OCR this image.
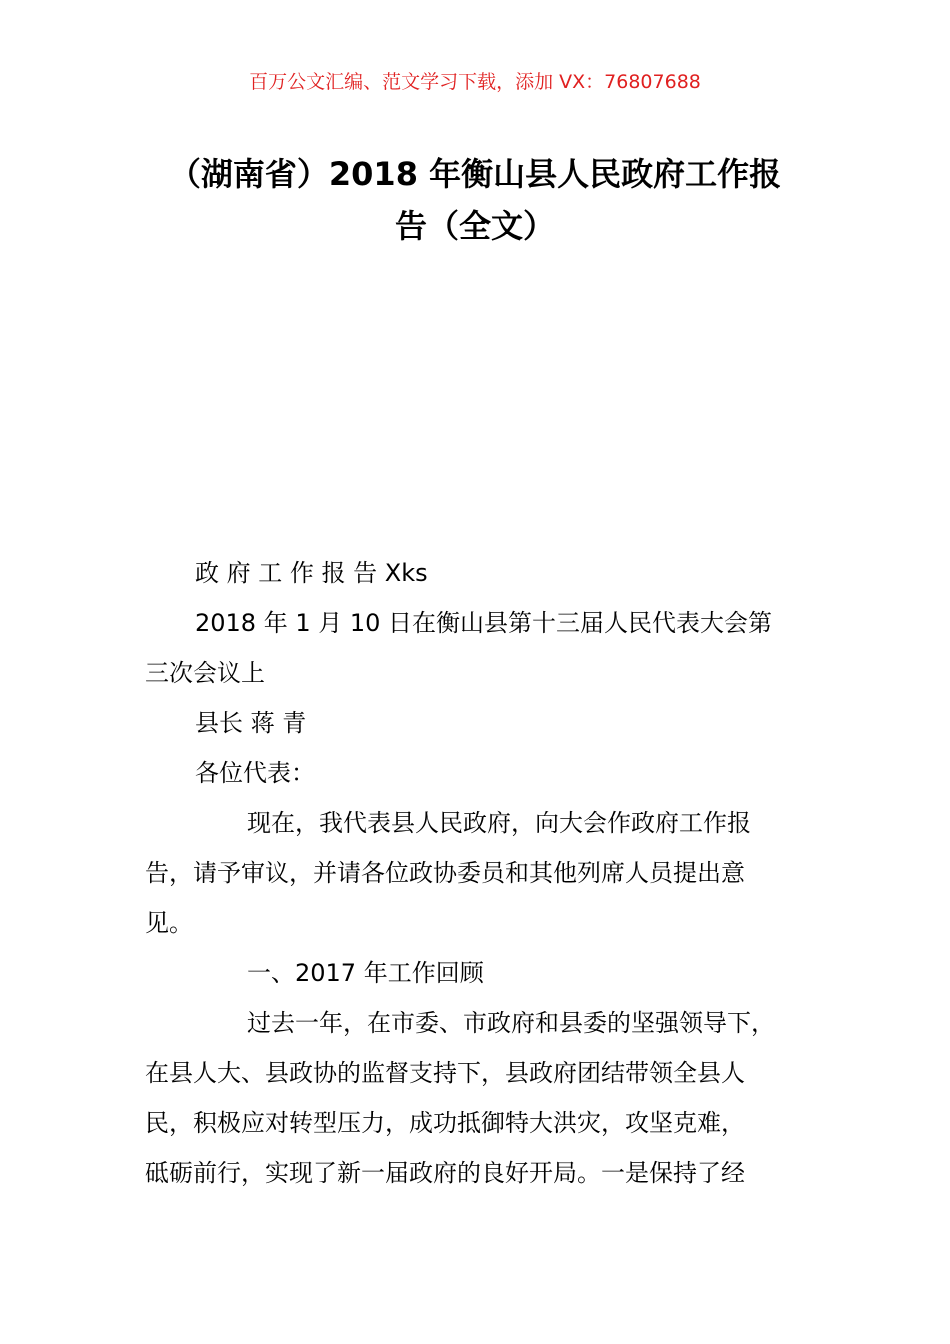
百万公文汇编、范文学习下载，添加 VX：76807688
（湖南省）2018 年衡山县人民政府工作报
告（全文）

政 府 工 作 报 告 Xks

2018 年 1 月 10 日在衡山县第十三届人民代表大会第

三次会议上

县长 蒋 青

各位代表：

现在，我代表县人民政府，向大会作政府工作报

告，请予审议，并请各位政协委员和其他列席人员提出意

见。

一、2017 年工作回顾

过去一年，在市委、市政府和县委的坚强领导下，

在县人大、县政协的监督支持下，县政府团结带领全县人

民，积极应对转型压力，成功抵御特大洪灾，攻坚克难，

砥砺前行，实现了新一届政府的良好开局。一是保持了经
